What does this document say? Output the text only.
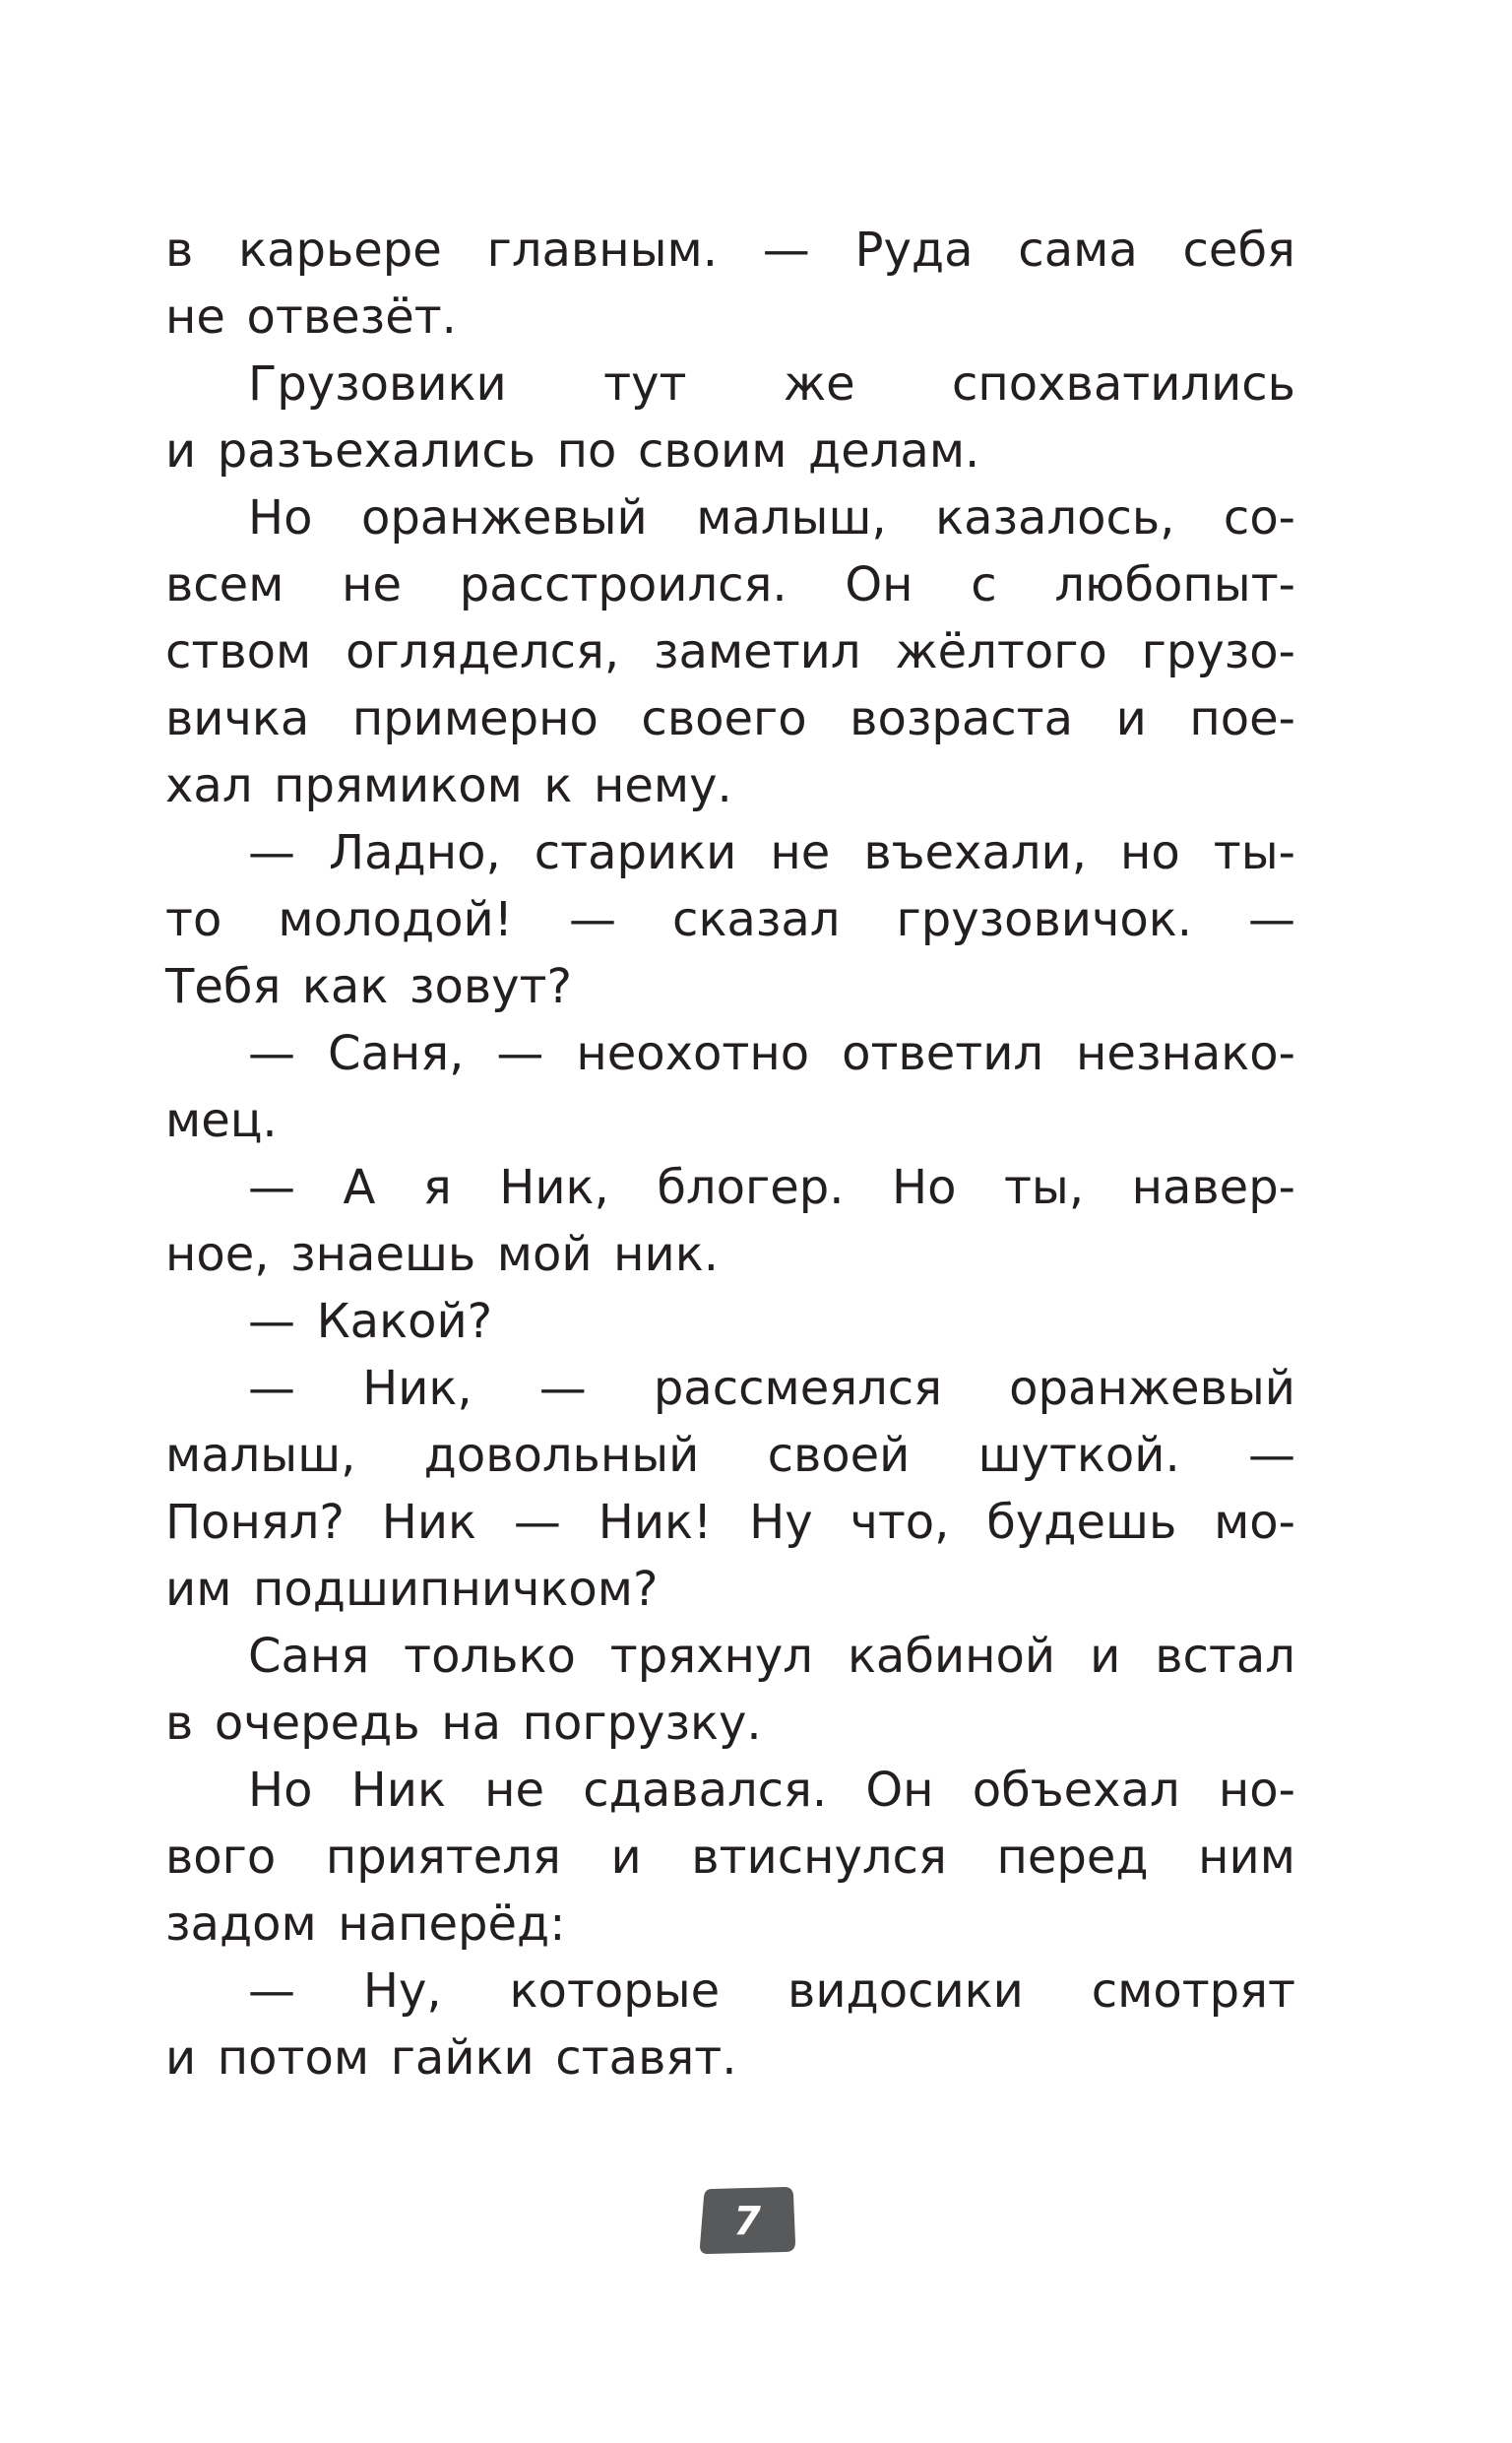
в карьере главным. — Руда сама себя
не отвезёт.
Грузовики тут же спохватились
и разъехались по своим делам.
Но оранжевый малыш, казалось, со-
всем не расстроился. Он с любопыт-
ством огляделся, заметил жёлтого грузо-
вичка примерно своего возраста и пое-
хал прямиком к нему.
— Ладно, старики не въехали, но ты-
то молодой! — сказал грузовичок. —
Тебя как зовут?
— Саня, — неохотно ответил незнако-
мец.
— А я Ник, блогер. Но ты, навер-
ное, знаешь мой ник.
— Какой?
— Ник, — рассмеялся оранжевый
малыш, довольный своей шуткой. —
Понял? Ник — Ник! Ну что, будешь мо-
им подшипничком?
Саня только тряхнул кабиной и встал
в очередь на погрузку.
Но Ник не сдавался. Он объехал но-
вого приятеля и втиснулся перед ним
задом наперёд:
— Ну, которые видосики смотрят
и потом гайки ставят.
7
